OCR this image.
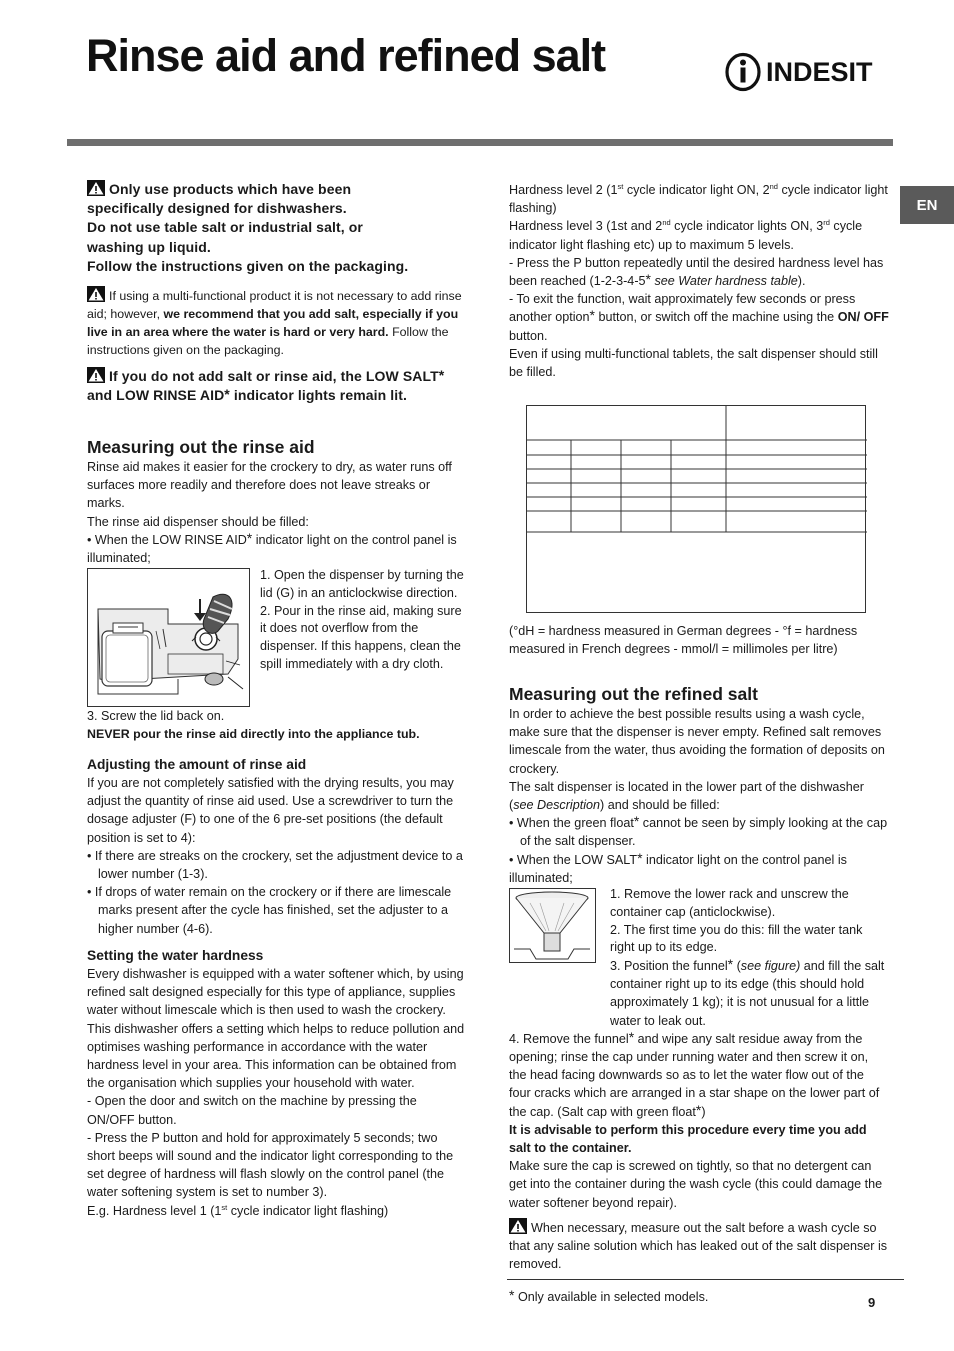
Rinse aid and refined salt	INDESIT
EN
Only use products which have been
specifically designed for dishwashers.
Do not use table salt or industrial salt, or
washing up liquid.
Follow the instructions given on the packaging.

If using a multi-functional product it is not necessary to add rinse aid; however, we recommend that you add salt, especially if you live in an area where the water is hard or very hard. Follow the instructions given on the packaging.

If you do not add salt or rinse aid, the LOW SALT* and LOW RINSE AID* indicator lights remain lit.
Measuring out the rinse aid

Rinse aid makes it easier for the crockery to dry, as water runs off surfaces more readily and therefore does not leave streaks or marks.

The rinse aid dispenser should be filled:

• When the LOW RINSE AID* indicator light on the control panel is illuminated;

1. Open the dispenser by turning the lid (G) in an anticlockwise direction.

2. Pour in the rinse aid, making sure it does not overflow from the dispenser. If this happens, clean the spill immediately with a dry cloth.

3. Screw the lid back on.

NEVER pour the rinse aid directly into the appliance tub.

Adjusting the amount of rinse aid

If you are not completely satisfied with the drying results, you may adjust the quantity of rinse aid used. Use a screwdriver to turn the dosage adjuster (F) to one of the 6 pre-set positions (the default position is set to 4):

• If there are streaks on the crockery, set the adjustment device to a lower number (1-3).

• If drops of water remain on the crockery or if there are limescale marks present after the cycle has finished, set the adjuster to a higher number (4-6).

Setting the water hardness

Every dishwasher is equipped with a water softener which, by using refined salt designed especially for this type of appliance, supplies water without limescale which is then used to wash the crockery.

This dishwasher offers a setting which helps to reduce pollution and optimises washing performance in accordance with the water hardness level in your area. This information can be obtained from the organisation which supplies your household with water.

- Open the door and switch on the machine by pressing the ON/OFF button.

- Press the P button and hold for approximately 5 seconds; two short beeps will sound and the indicator light corresponding to the set degree of hardness will flash slowly on the control panel (the water softening system is set to number 3).

E.g. Hardness level 1 (1st cycle indicator light flashing)

Hardness level 2 (1st cycle indicator light ON, 2nd cycle indicator light flashing)

Hardness level 3 (1st and 2nd cycle indicator lights ON, 3rd cycle indicator light flashing etc) up to maximum 5 levels.

- Press the P button repeatedly until the desired hardness level has been reached (1-2-3-4-5* see Water hardness table).

- To exit the function, wait approximately few seconds or press another option* button, or switch off the machine using the ON/ OFF button.

Even if using multi-functional tablets, the salt dispenser should still be filled.

(°dH = hardness measured in German degrees - °f = hardness measured in French degrees - mmol/l = millimoles per litre)

Measuring out the refined salt

In order to achieve the best possible results using a wash cycle, make sure that the dispenser is never empty. Refined salt removes limescale from the water, thus avoiding the formation of deposits on crockery.

The salt dispenser is located in the lower part of the dishwasher (see Description) and should be filled:

• When the green float* cannot be seen by simply looking at the cap of the salt dispenser.

• When the LOW SALT* indicator light on the control panel is illuminated;

1. Remove the lower rack and unscrew the container cap (anticlockwise).

2. The first time you do this: fill the water tank right up to its edge.

3. Position the funnel* (see figure) and fill the salt container right up to its edge (this should hold approximately 1 kg); it is not unusual for a little water to leak out.

4. Remove the funnel* and wipe any salt residue away from the opening; rinse the cap under running water and then screw it on, the head facing downwards so as to let the water flow out of the four cracks which are arranged in a star shape on the lower part of the cap. (Salt cap with green float*)

It is advisable to perform this procedure every time you add salt to the container.

Make sure the cap is screwed on tightly, so that no detergent can get into the container during the wash cycle (this could damage the water softener beyond repair).

When necessary, measure out the salt before a wash cycle so that any saline solution which has leaked out of the salt dispenser is removed.

* Only available in selected models.	9
